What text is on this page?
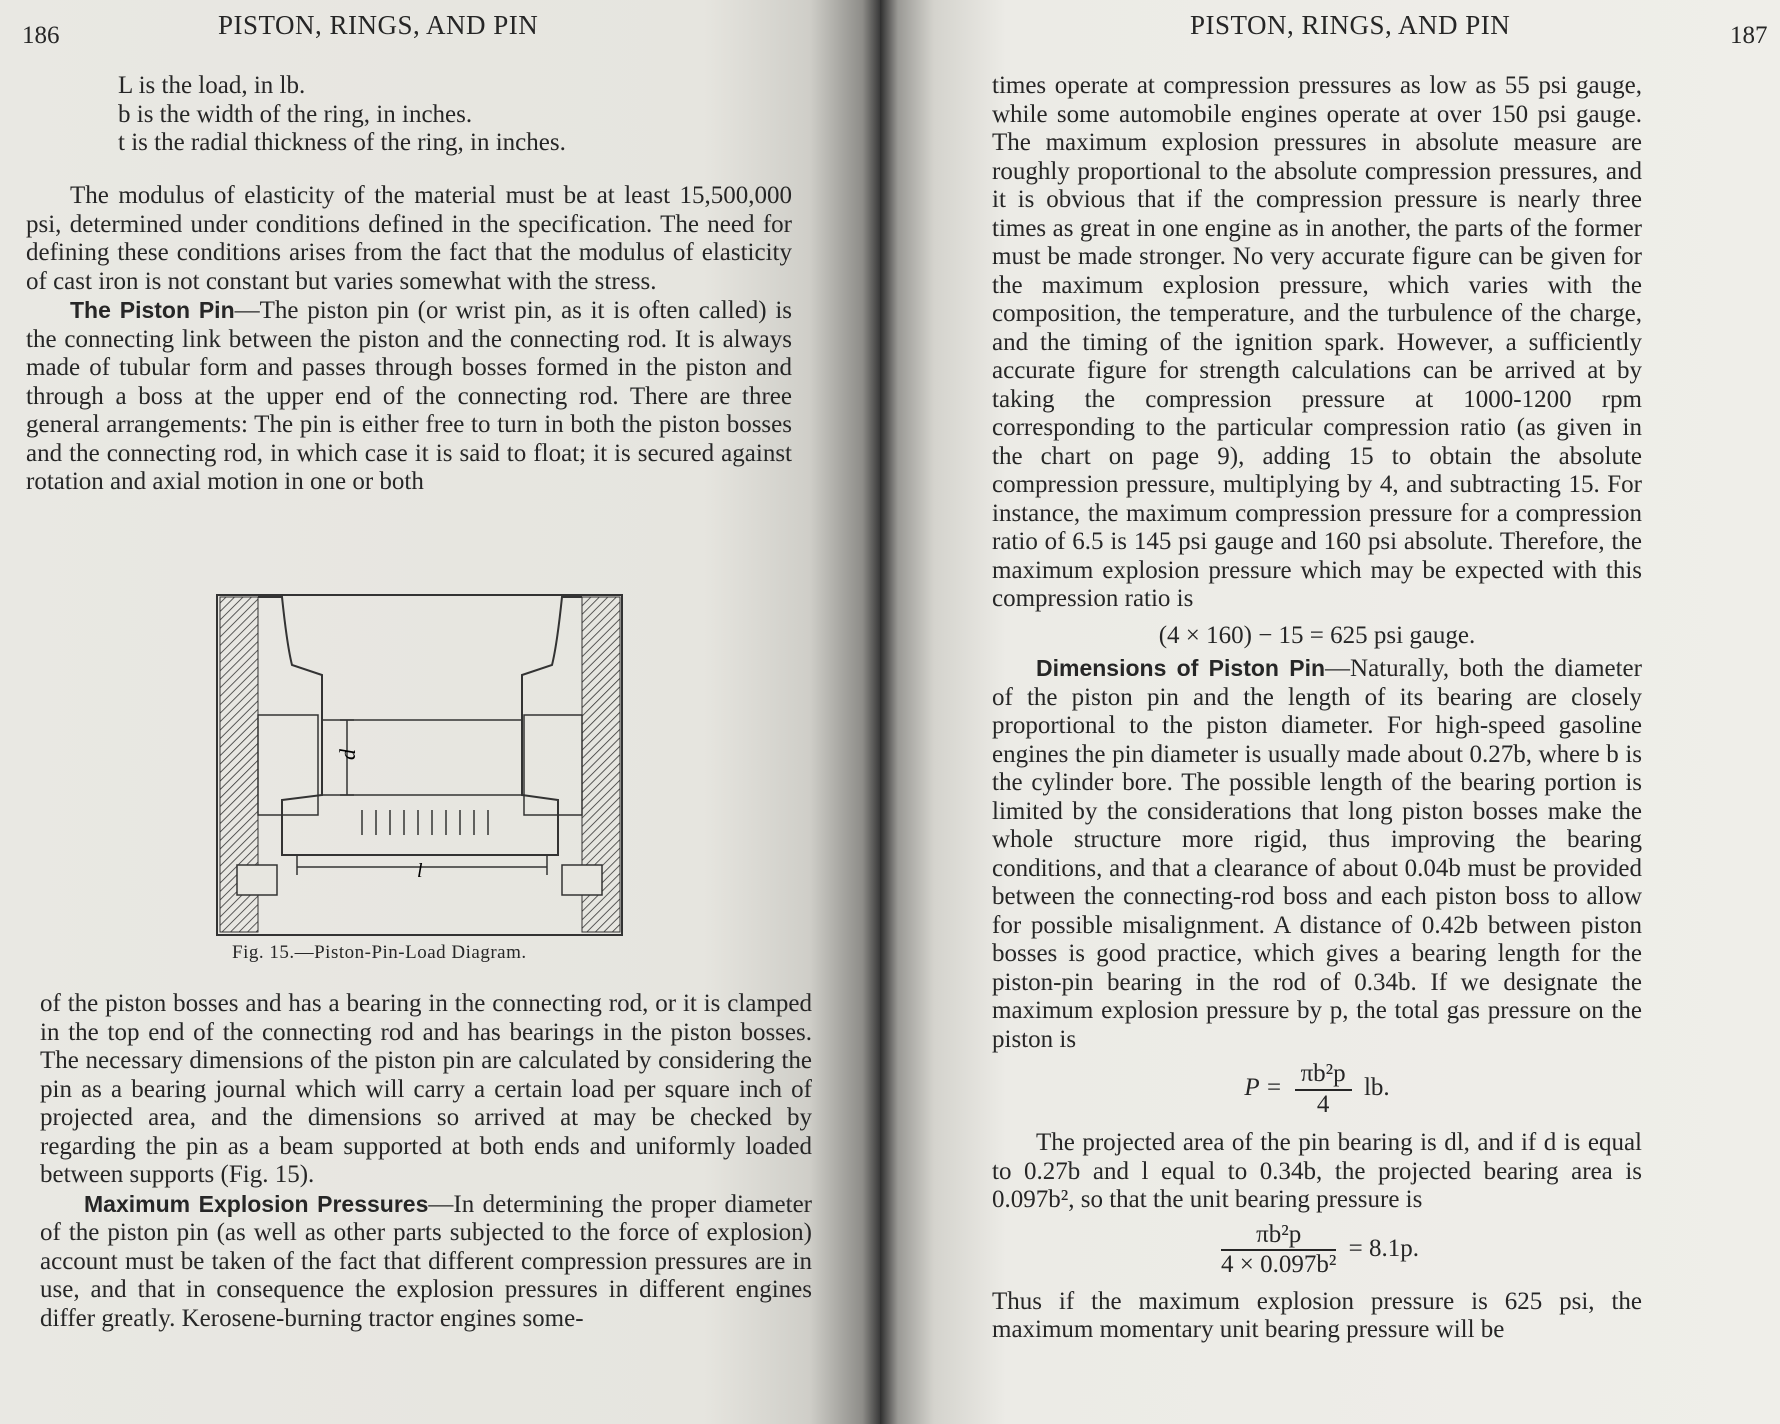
186	PISTON, RINGS, AND PIN

L is the load, in lb.

b is the width of the ring, in inches.

t is the radial thickness of the ring, in inches.

The modulus of elasticity of the material must be at least 15,500,000 psi, determined under conditions defined in the specification. The need for defining these conditions arises from the fact that the modulus of elasticity of cast iron is not constant but varies somewhat with the stress.

The Piston Pin—The piston pin (or wrist pin, as it is often called) is the connecting link between the piston and the connecting rod. It is always made of tubular form and passes through bosses formed in the piston and through a boss at the upper end of the connecting rod. There are three general arrangements: The pin is either free to turn in both the piston bosses and the connecting rod, in which case it is said to float; it is secured against rotation and axial motion in one or both

d
l
Fig. 15.—Piston-Pin-Load Diagram.

of the piston bosses and has a bearing in the connecting rod, or it is clamped in the top end of the connecting rod and has bearings in the piston bosses. The necessary dimensions of the piston pin are calculated by considering the pin as a bearing journal which will carry a certain load per square inch of projected area, and the dimensions so arrived at may be checked by regarding the pin as a beam supported at both ends and uniformly loaded between supports (Fig. 15).

Maximum Explosion Pressures—In determining the proper diameter of the piston pin (as well as other parts subjected to the force of explosion) account must be taken of the fact that different compression pressures are in use, and that in consequence the explosion pressures in different engines differ greatly. Kerosene-burning tractor engines some-

PISTON, RINGS, AND PIN	187

times operate at compression pressures as low as 55 psi gauge, while some automobile engines operate at over 150 psi gauge. The maximum explosion pressures in absolute measure are roughly proportional to the absolute compression pressures, and it is obvious that if the compression pressure is nearly three times as great in one engine as in another, the parts of the former must be made stronger. No very accurate figure can be given for the maximum explosion pressure, which varies with the composition, the temperature, and the turbulence of the charge, and the timing of the ignition spark. However, a sufficiently accurate figure for strength calculations can be arrived at by taking the compression pressure at 1000-1200 rpm corresponding to the particular compression ratio (as given in the chart on page 9), adding 15 to obtain the absolute compression pressure, multiplying by 4, and subtracting 15. For instance, the maximum compression pressure for a compression ratio of 6.5 is 145 psi gauge and 160 psi absolute. Therefore, the maximum explosion pressure which may be expected with this compression ratio is

(4 × 160) − 15 = 625 psi gauge.

Dimensions of Piston Pin—Naturally, both the diameter of the piston pin and the length of its bearing are closely proportional to the piston diameter. For high-speed gasoline engines the pin diameter is usually made about 0.27b, where b is the cylinder bore. The possible length of the bearing portion is limited by the considerations that long piston bosses make the whole structure more rigid, thus improving the bearing conditions, and that a clearance of about 0.04b must be provided between the connecting-rod boss and each piston boss to allow for possible misalignment. A distance of 0.42b between piston bosses is good practice, which gives a bearing length for the piston-pin bearing in the rod of 0.34b. If we designate the maximum explosion pressure by p, the total gas pressure on the piston is

$P = \frac{\text{πb²p}}{4}$ lb.

The projected area of the pin bearing is dl, and if d is equal to 0.27b and l equal to 0.34b, the projected bearing area is 0.097b², so that the unit bearing pressure is

$\frac{\text{πb²p}}{\text{4 × 0.097b²}} = 8.1p$.

Thus if the maximum explosion pressure is 625 psi, the maximum momentary unit bearing pressure will be
